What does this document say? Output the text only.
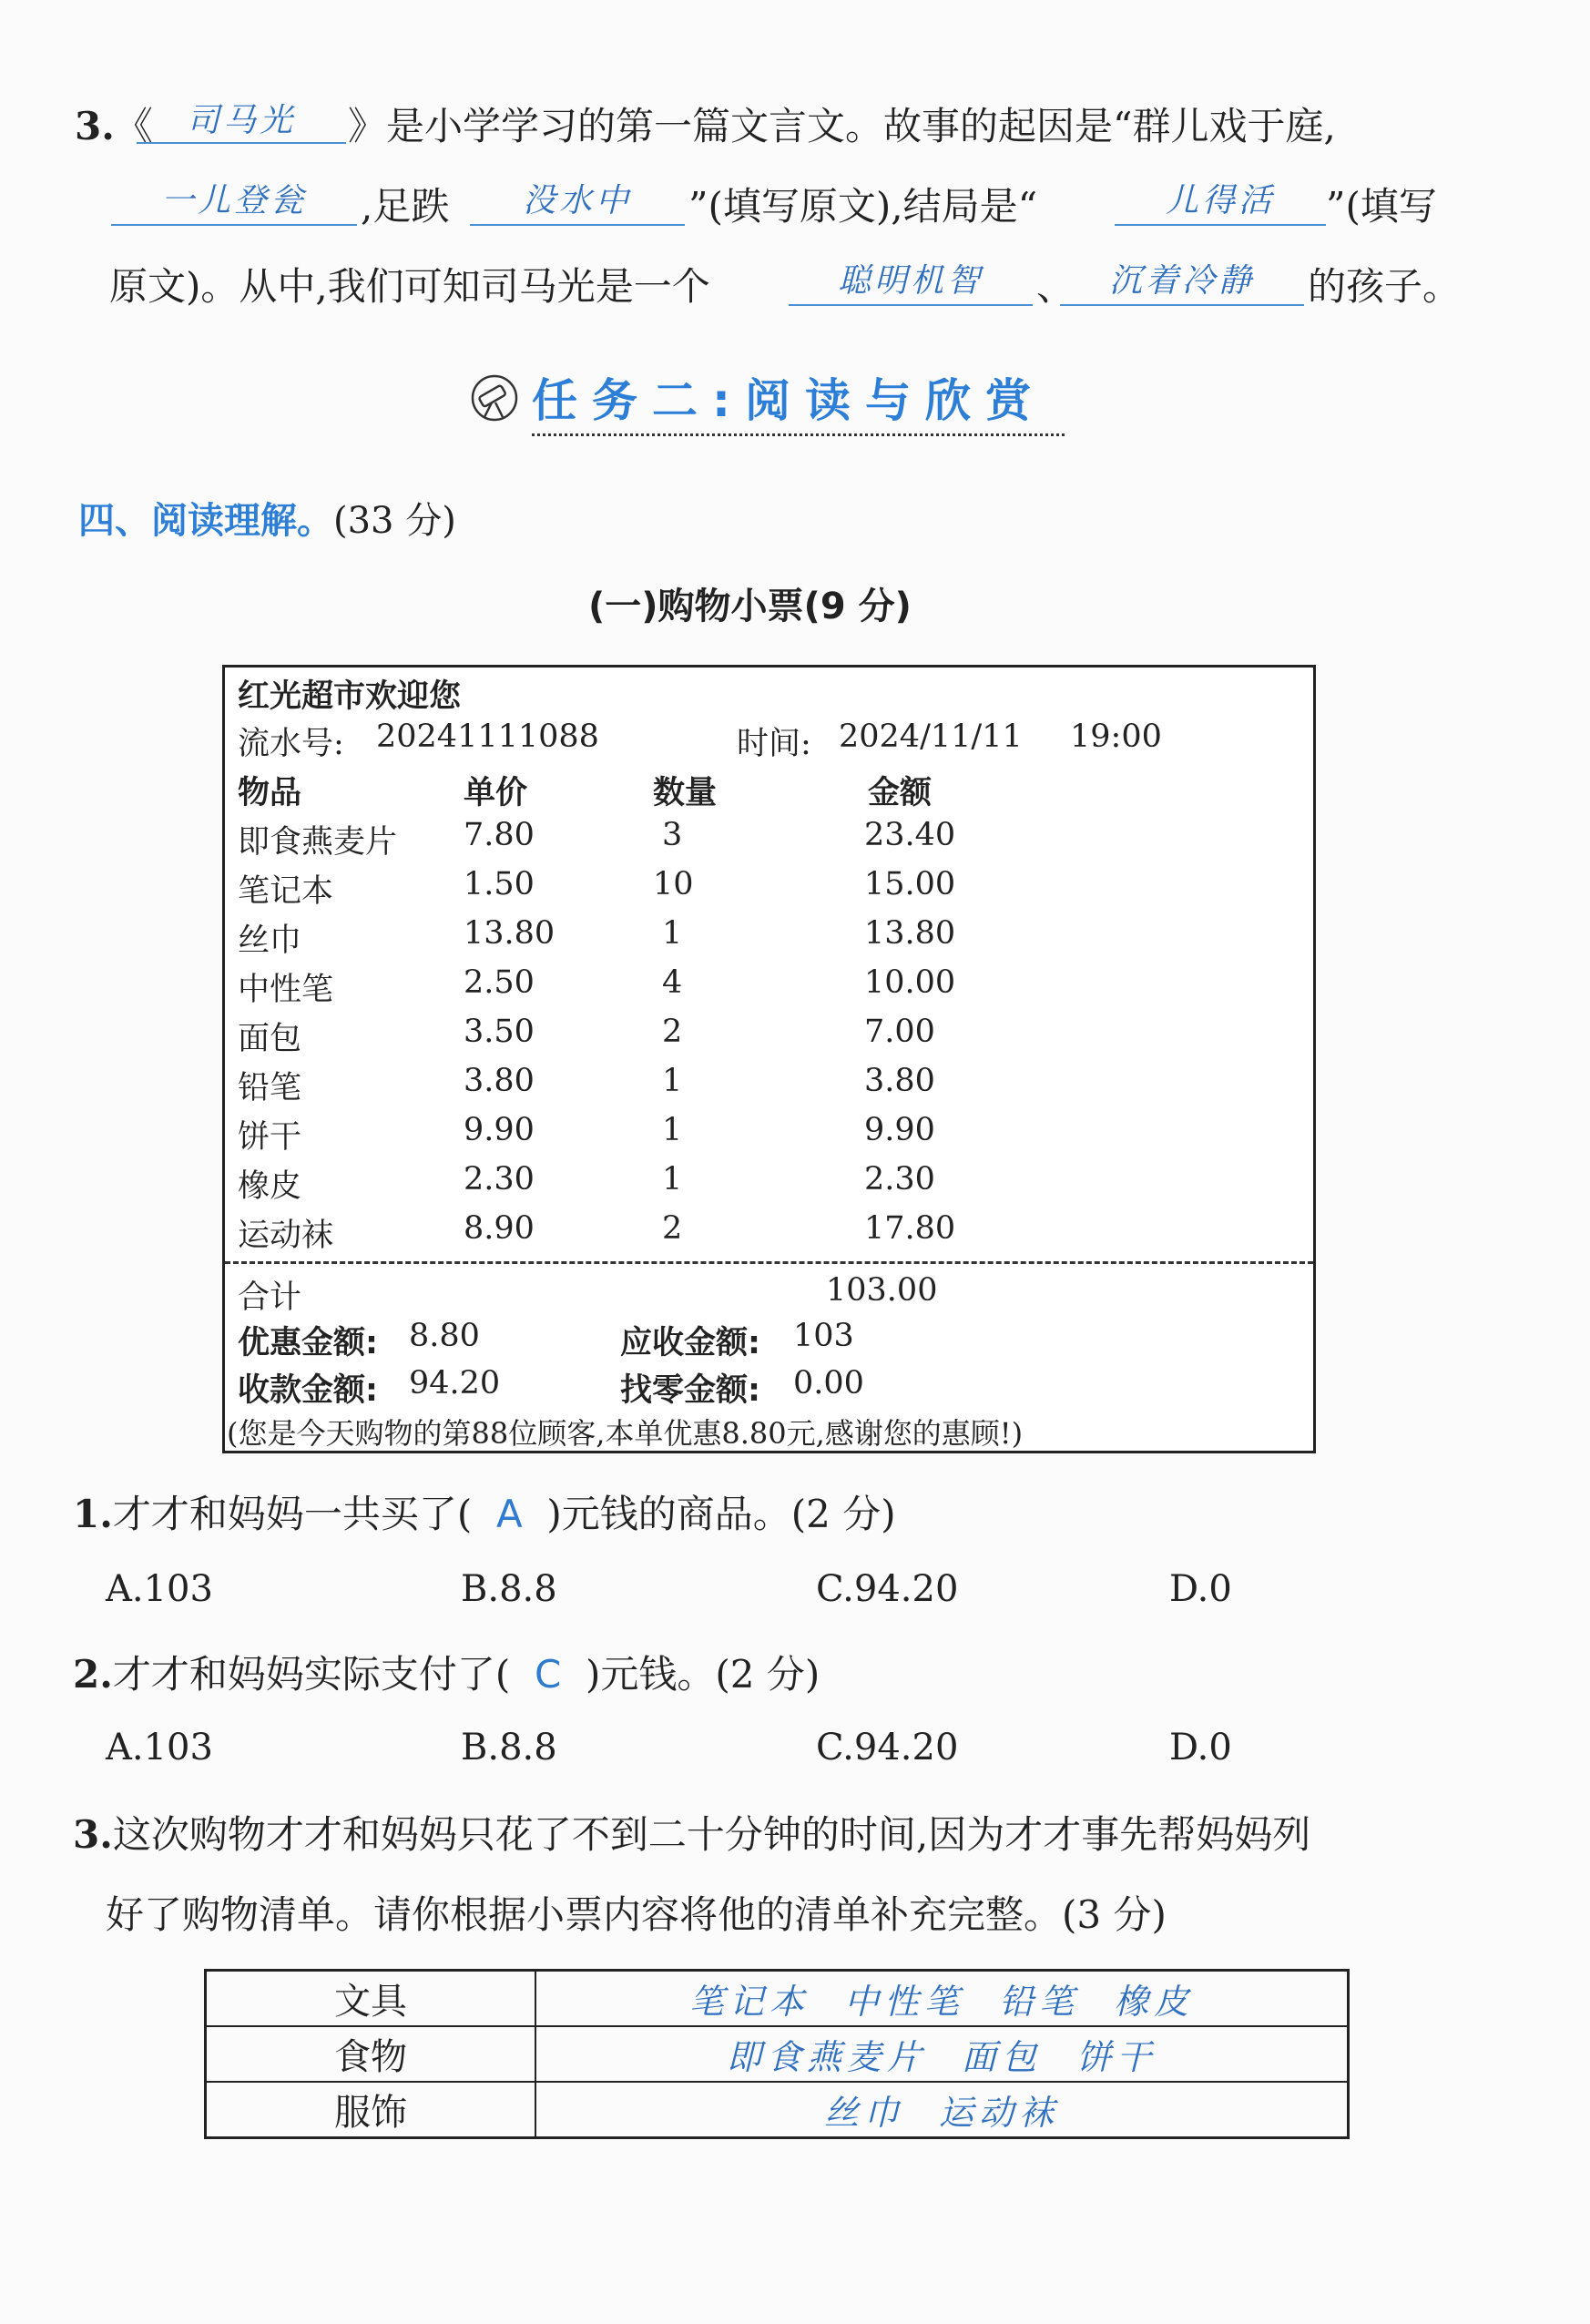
3.《	司马光	》是小学学习的第一篇文言文。故事的起因是“群儿戏于庭,
一儿登瓮	,足跌	没水中	”(填写原文),结局是“	儿得活	”(填写
原文)。从中,我们可知司马光是一个	聪明机智	、	沉着冷静	的孩子。
任务二:阅读与欣赏
四、阅读理解。(33 分)
(一)购物小票(9 分)
红光超市欢迎您
流水号: 20241111088	时间: 2024/11/11 19:00
物品	单价	数量	金额
即食燕麦片 7.80	3	23.40
笔记本	1.50	10	15.00
丝巾	13.80	1	13.80
中性笔	2.50	4	10.00
面包	3.50	2	7.00
铅笔	3.80	1	3.80
饼干	9.90	1	9.90
橡皮	2.30	1	2.30
运动袜	8.90	2	17.80
合计	103.00
优惠金额: 8.80	应收金额: 103
收款金额: 94.20	找零金额: 0.00
(您是今天购物的第88位顾客,本单优惠8.80元,感谢您的惠顾!)
1.才才和妈妈一共买了( A )元钱的商品。(2 分)
A.103	B.8.8	C.94.20	D.0
2.才才和妈妈实际支付了( C )元钱。(2 分)
A.103	B.8.8	C.94.20	D.0
3.这次购物才才和妈妈只花了不到二十分钟的时间,因为才才事先帮妈妈列
好了购物清单。请你根据小票内容将他的清单补充完整。(3 分)
文具	笔记本 中性笔 铅笔 橡皮
食物	即食燕麦片 面包 饼干
服饰	丝巾 运动袜
